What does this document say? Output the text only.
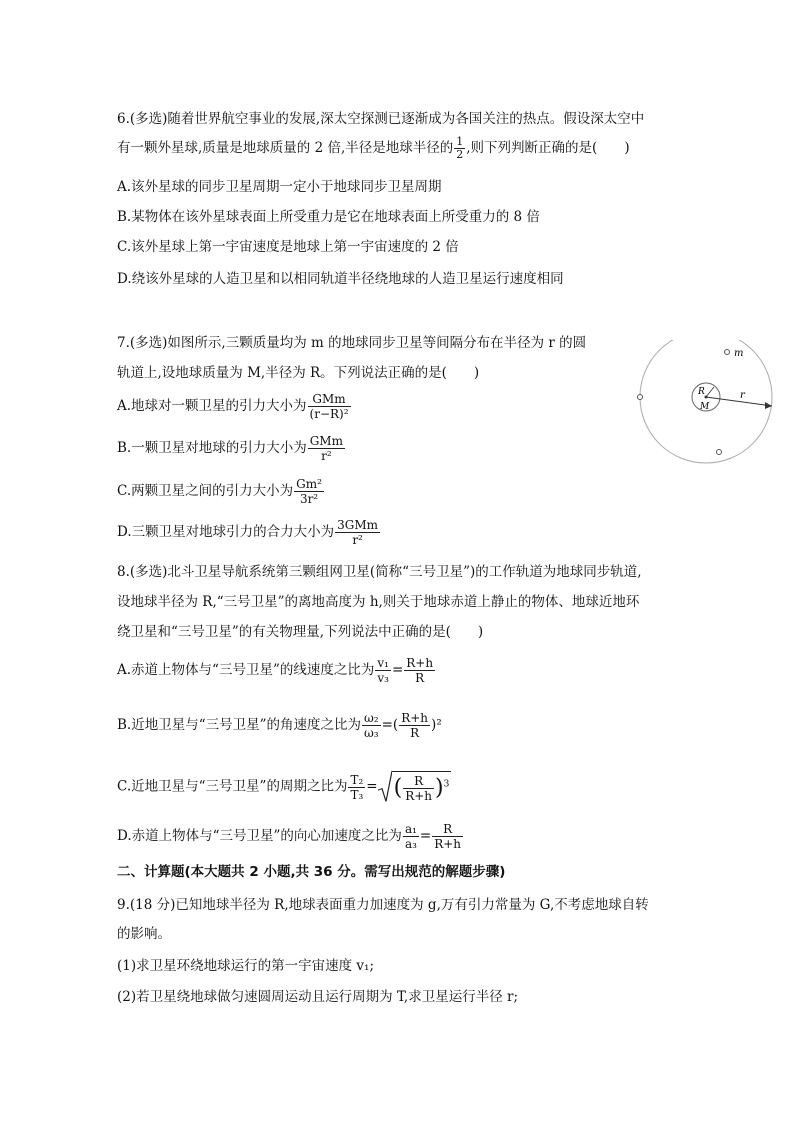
6.(多选)随着世界航空事业的发展,深太空探测已逐渐成为各国关注的热点。假设深太空中
有一颗外星球,质量是地球质量的 2 倍,半径是地球半径的 $\frac{1}{2}$ ,则下列判断正确的是(　　)
A.该外星球的同步卫星周期一定小于地球同步卫星周期
B.某物体在该外星球表面上所受重力是它在地球表面上所受重力的 8 倍
C.该外星球上第一宇宙速度是地球上第一宇宙速度的 2 倍
D.绕该外星球的人造卫星和以相同轨道半径绕地球的人造卫星运行速度相同
7.(多选)如图所示,三颗质量均为 m 的地球同步卫星等间隔分布在半径为 r 的圆
轨道上,设地球质量为 M,半径为 R。下列说法正确的是(　　)
A.地球对一颗卫星的引力大小为 $\frac{\text{GMm}}{\text{(r−R)²}}$
B.一颗卫星对地球的引力大小为 $\frac{\text{GMm}}{\text{r²}}$
C.两颗卫星之间的引力大小为 $\frac{\text{Gm²}}{\text{3r²}}$
D.三颗卫星对地球引力的合力大小为 $\frac{\text{3GMm}}{\text{r²}}$
m
R
M
r
8.(多选)北斗卫星导航系统第三颗组网卫星(简称“三号卫星”)的工作轨道为地球同步轨道,
设地球半径为 R,“三号卫星”的离地高度为 h,则关于地球赤道上静止的物体、地球近地环
绕卫星和“三号卫星”的有关物理量,下列说法中正确的是(　　)
A.赤道上物体与“三号卫星”的线速度之比为 $\frac{\text{v₁}}{\text{v₃}} = \frac{R+h}{R}$
B.近地卫星与“三号卫星”的角速度之比为 $\frac{\text{ω₂}}{\text{ω₃}}$ =( $\frac{R+h}{R} )^2$
C.近地卫星与“三号卫星”的周期之比为 $\frac{\text{T₂}}{\text{T₃}}$ = ( $\frac{R}{R+h} )^3$
D.赤道上物体与“三号卫星”的向心加速度之比为 $\frac{\text{a₁}}{\text{a₃}} = \frac{R}{R+h}$
二、计算题(本大题共 2 小题,共 36 分。需写出规范的解题步骤)
9.(18 分)已知地球半径为 R,地球表面重力加速度为 g,万有引力常量为 G,不考虑地球自转
的影响。
(1)求卫星环绕地球运行的第一宇宙速度 v₁;
(2)若卫星绕地球做匀速圆周运动且运行周期为 T,求卫星运行半径 r;
